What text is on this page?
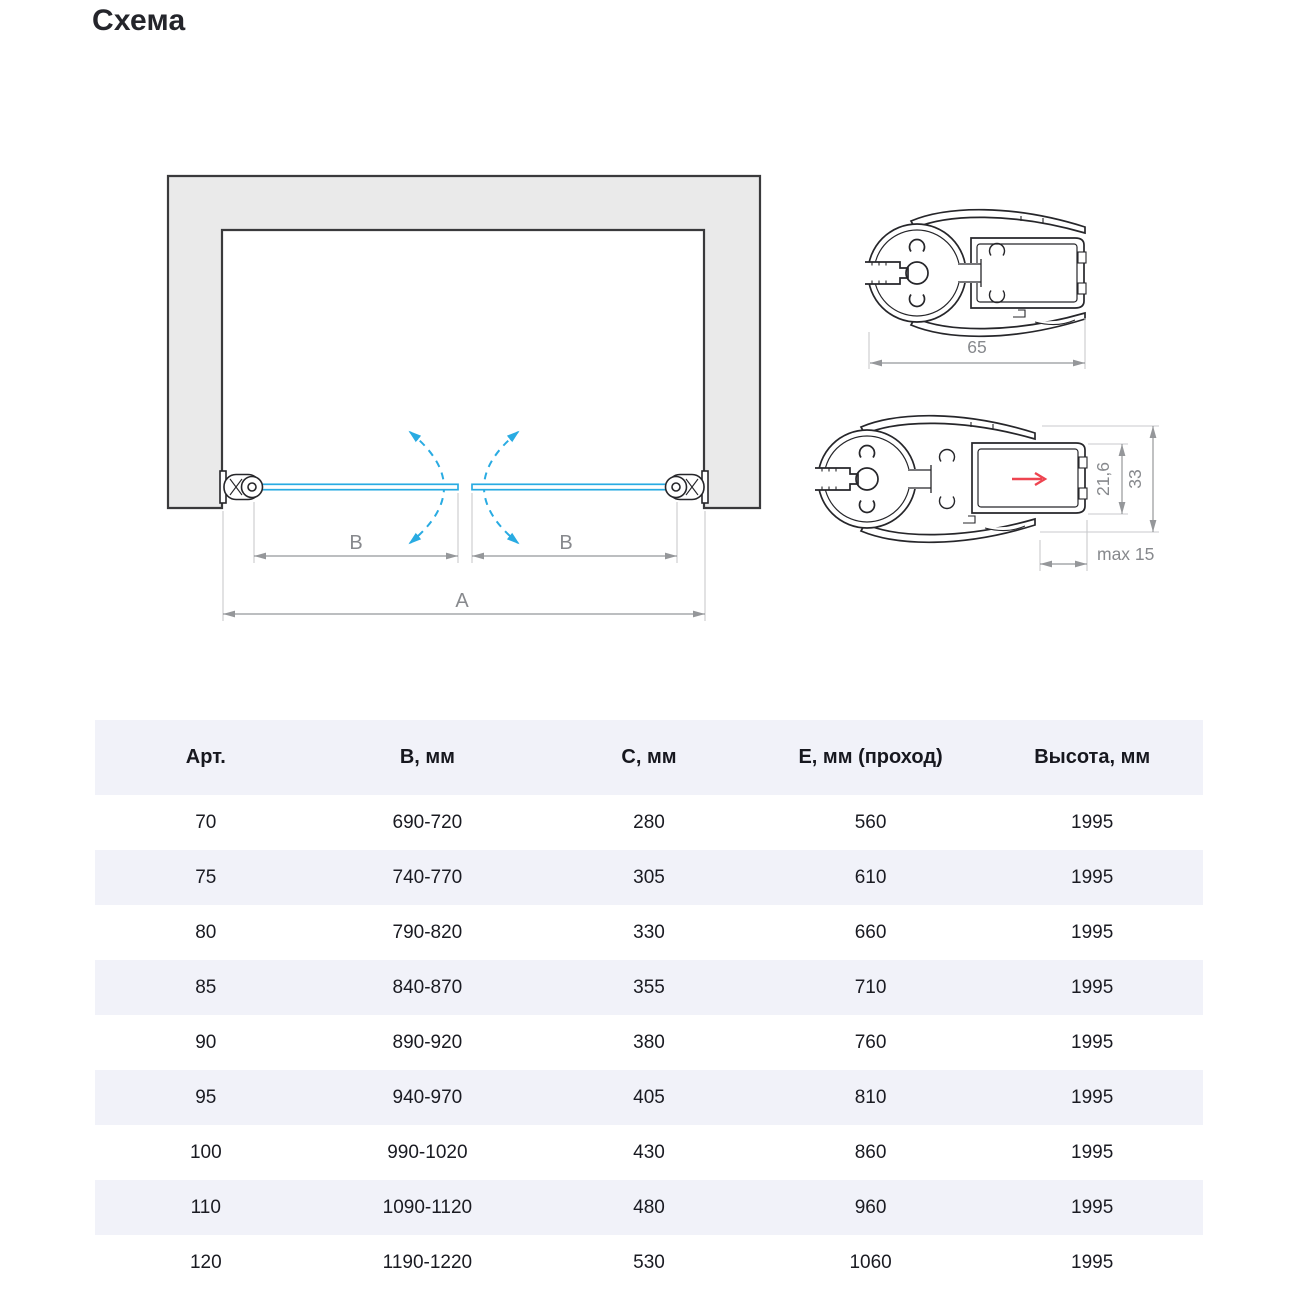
Схема
B	B
A
65
21,6 33
max 15
Арт.	В, мм	С, мм	Е, мм (проход)	Высота, мм
70	690-720	280	560	1995
75	740-770	305	610	1995
80	790-820	330	660	1995
85	840-870	355	710	1995
90	890-920	380	760	1995
95	940-970	405	810	1995
100	990-1020	430	860	1995
110	1090-1120	480	960	1995
120	1190-1220	530	1060	1995
